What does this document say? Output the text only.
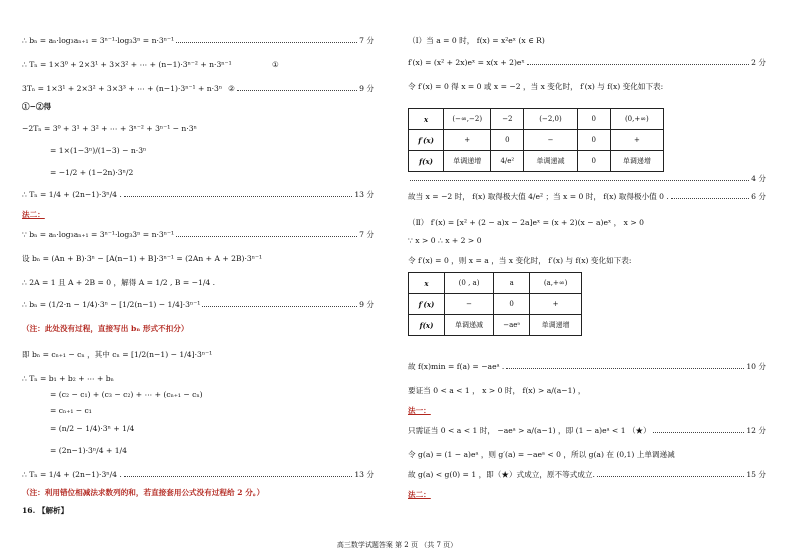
∴ bₙ = aₙ·log₃aₙ₊₁ = 3ⁿ⁻¹·log₃3ⁿ = n·3ⁿ⁻¹	7 分
∴ Tₙ = 1×3⁰ + 2×3¹ + 3×3² + ⋯ + (n−1)·3ⁿ⁻² + n·3ⁿ⁻¹	①
3Tₙ = 1×3¹ + 2×3² + 3×3³ + ⋯ + (n−1)·3ⁿ⁻¹ + n·3ⁿ ②	9 分
①−②得
−2Tₙ = 3⁰ + 3¹ + 3² + ⋯ + 3ⁿ⁻² + 3ⁿ⁻¹ − n·3ⁿ
= 1×(1−3ⁿ)/(1−3) − n·3ⁿ
= −1/2 + (1−2n)·3ⁿ/2
∴ Tₙ = 1/4 + (2n−1)·3ⁿ/4 .	13 分
法二：
∵ bₙ = aₙ·log₃aₙ₊₁ = 3ⁿ⁻¹·log₃3ⁿ = n·3ⁿ⁻¹	7 分
设 bₙ = (An + B)·3ⁿ − [A(n−1) + B]·3ⁿ⁻¹ = (2An + A + 2B)·3ⁿ⁻¹
∴ 2A = 1 且 A + 2B = 0 ，解得 A = 1/2 , B = −1/4 .
∴ bₙ = (1/2·n − 1/4)·3ⁿ − [1/2(n−1) − 1/4]·3ⁿ⁻¹	9 分
（注：此处没有过程，直接写出 bₙ 形式不扣分）
即 bₙ = cₙ₊₁ − cₙ ，其中 cₙ = [1/2(n−1) − 1/4]·3ⁿ⁻¹
∴ Tₙ = b₁ + b₂ + ⋯ + bₙ
= (c₂ − c₁) + (c₃ − c₂) + ⋯ + (cₙ₊₁ − cₙ)
= cₙ₊₁ − c₁
= (n/2 − 1/4)·3ⁿ + 1/4
= (2n−1)·3ⁿ/4 + 1/4
∴ Tₙ = 1/4 + (2n−1)·3ⁿ/4 .	13 分
（注：利用错位相减法求数列的和，若直接套用公式没有过程给 2 分。）
16. 【解析】
（Ⅰ）当 a = 0 时， f(x) = x²eˣ (x ∈ R)
f′(x) = (x² + 2x)eˣ = x(x + 2)eˣ	2 分
令 f′(x) = 0 得 x = 0 或 x = −2 ，当 x 变化时， f′(x) 与 f(x) 变化如下表:
x	(−∞,−2)	−2	(−2,0)	0	(0,+∞)
f′(x)	+	0	−	0	+
f(x)	单调递增	4/e²	单调递减	0	单调递增
4 分
故当 x = −2 时， f(x) 取得极大值 4/e² ；当 x = 0 时， f(x) 取得极小值 0 .	6 分
（Ⅱ） f′(x) = [x² + (2 − a)x − 2a]eˣ = (x + 2)(x − a)eˣ ， x > 0
∵ x > 0 ∴ x + 2 > 0
令 f′(x) = 0 ，则 x = a ，当 x 变化时， f′(x) 与 f(x) 变化如下表:
x	(0 , a)	a	(a,+∞)
f′(x)	−	0	+
f(x)	单调递减	−aeᵃ	单调递增
故 f(x)min = f(a) = −aeᵃ .	10 分
要证当 0 < a < 1 ， x > 0 时， f(x) > a/(a−1) ，
法一：
只需证当 0 < a < 1 时， −aeᵃ > a/(a−1) ，即 (1 − a)eᵃ < 1 （★）	12 分
令 g(a) = (1 − a)eᵃ ，则 g′(a) = −aeᵃ < 0 ，所以 g(a) 在 (0,1) 上单调递减
故 g(a) < g(0) = 1 ，即（★）式成立，原不等式成立.	15 分
法二：
高三数学试题答案 第 2 页 （共 7 页）
